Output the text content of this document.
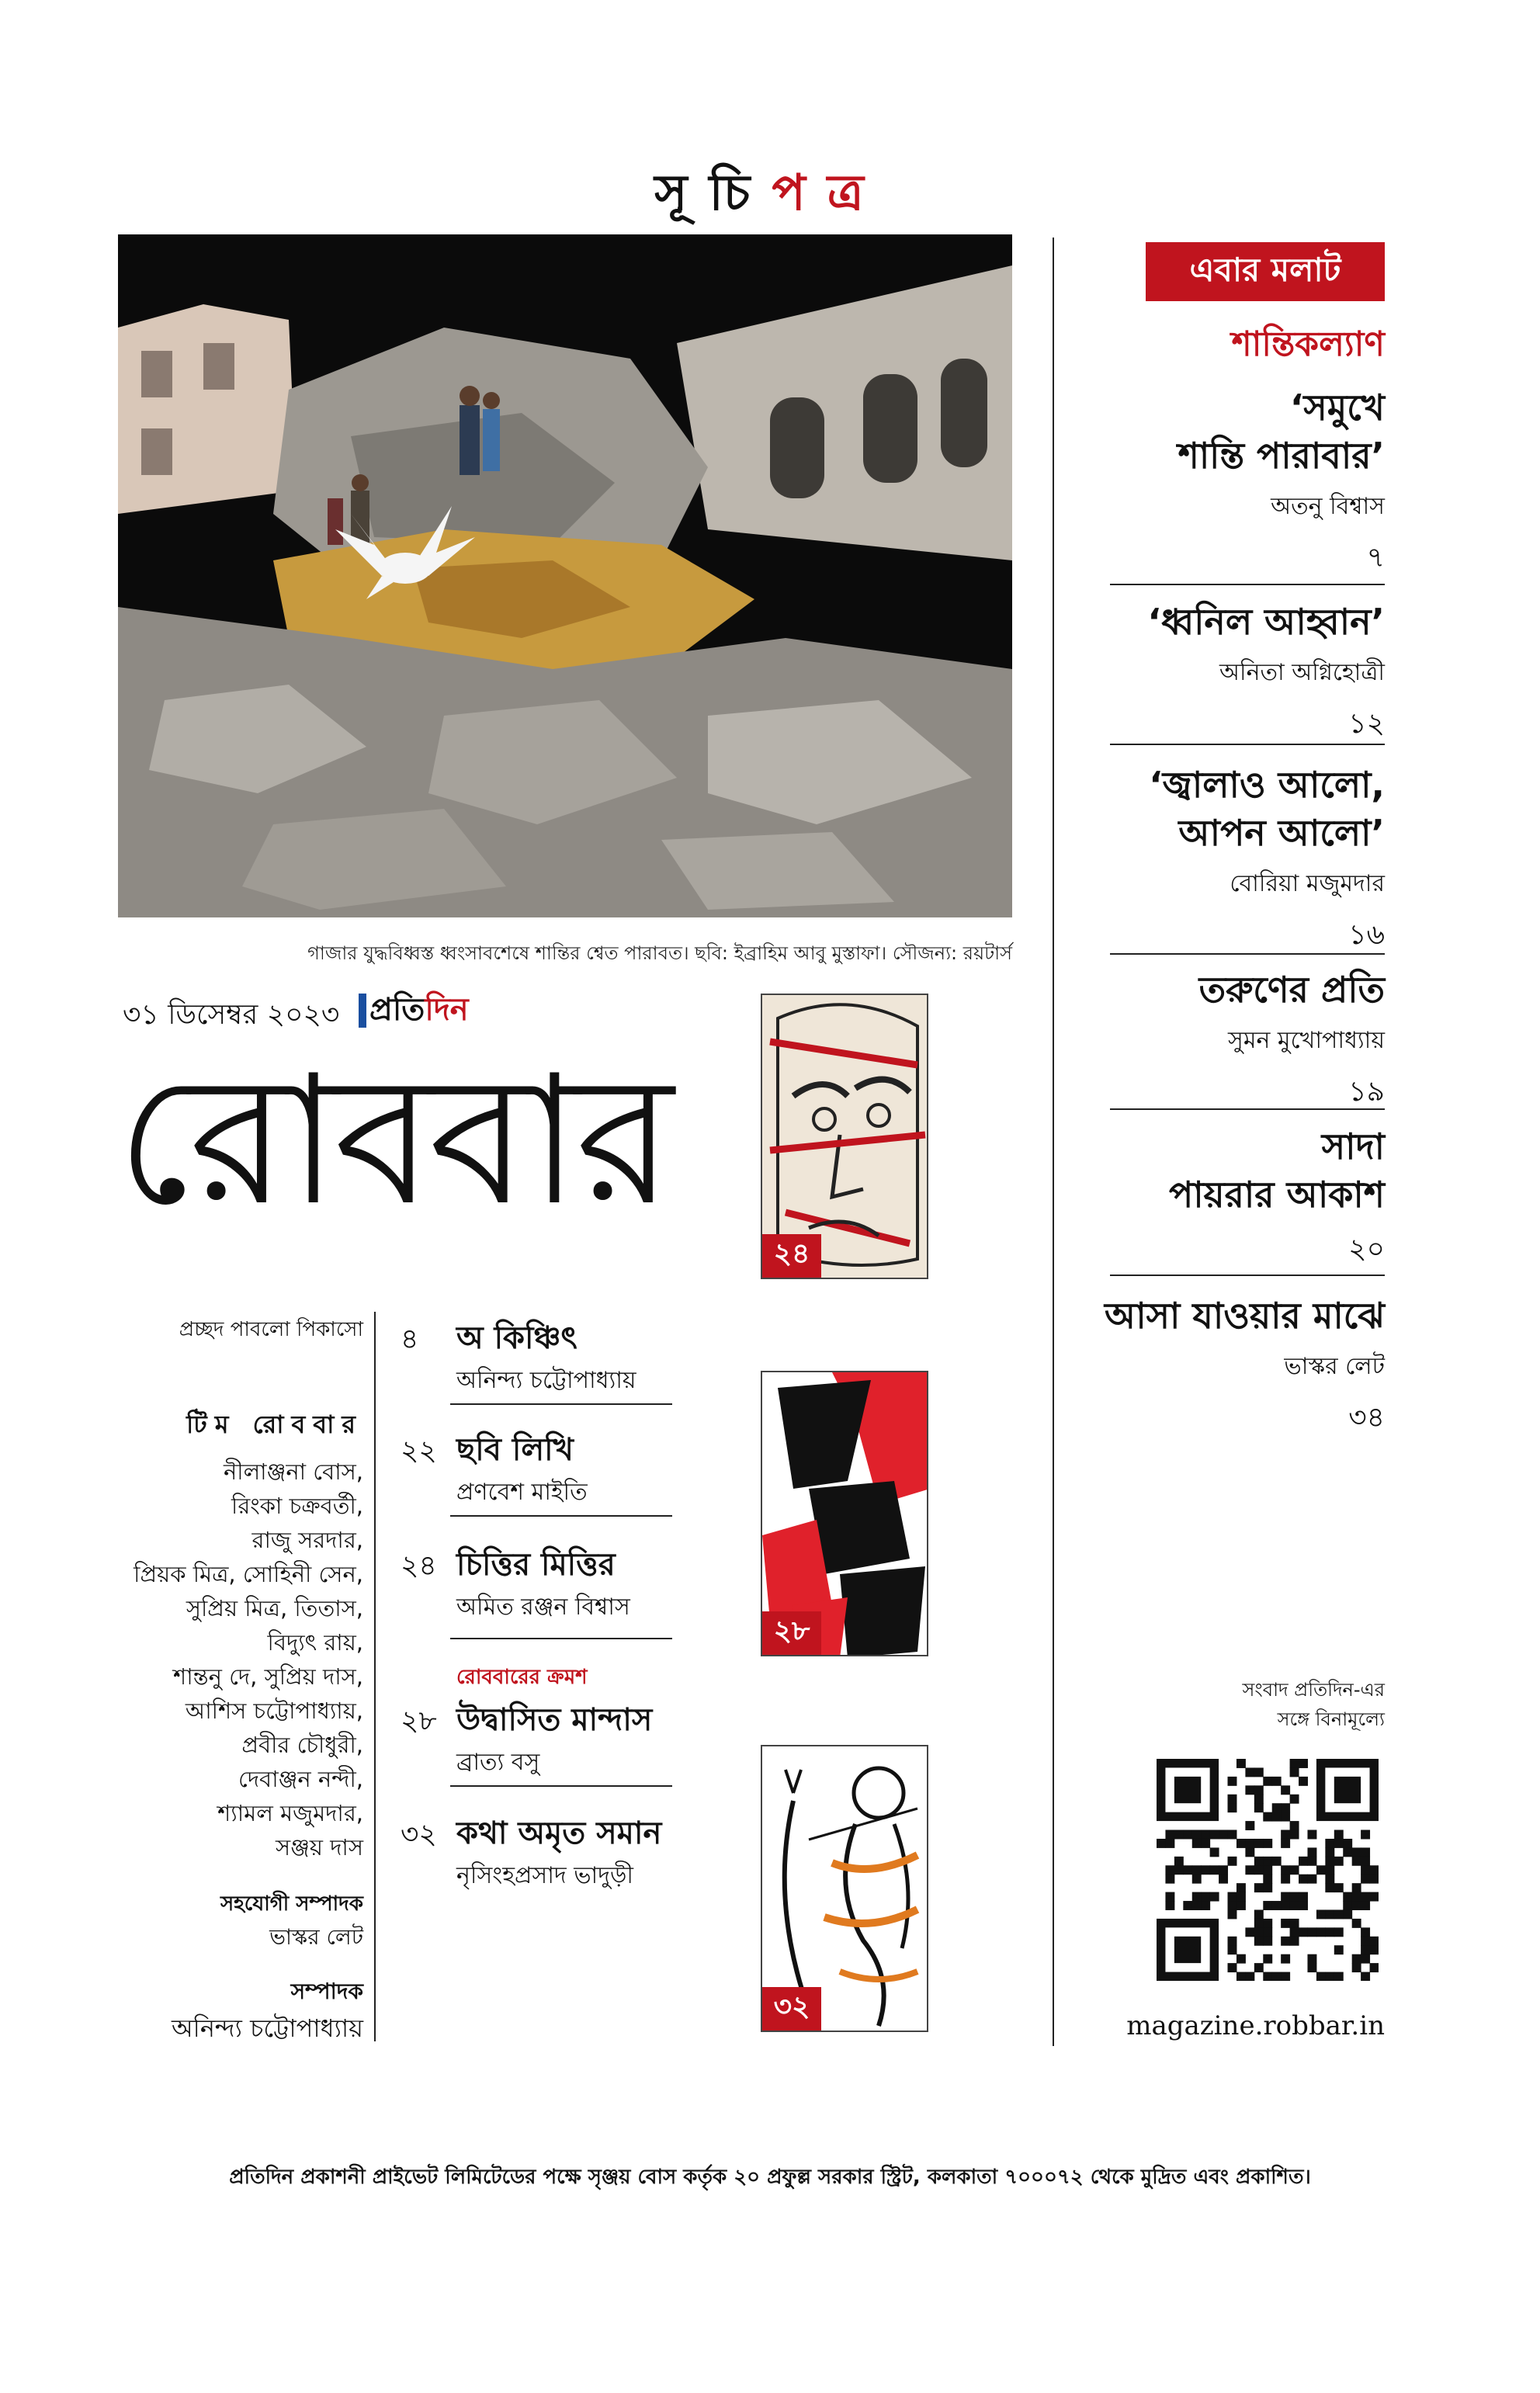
সূচিপত্র
গাজার যুদ্ধবিধ্বস্ত ধ্বংসাবশেষে শান্তির শ্বেত পারাবত। ছবি: ইব্রাহিম আবু মুস্তাফা। সৌজন্য: রয়টার্স
৩১ ডিসেম্বর ২০২৩ প্রতিদিন
রোববার
২৪
২৮
৩২
প্রচ্ছদ পাবলো পিকাসো
টিম রোববার
নীলাঞ্জনা বোস,
রিংকা চক্রবর্তী,
রাজু সরদার,
প্রিয়ক মিত্র, সোহিনী সেন,
সুপ্রিয় মিত্র, তিতাস,
বিদ্যুৎ রায়,
শান্তনু দে, সুপ্রিয় দাস,
আশিস চট্টোপাধ্যায়,
প্রবীর চৌধুরী,
দেবাঞ্জন নন্দী,
শ্যামল মজুমদার,
সঞ্জয় দাস
সহযোগী সম্পাদক
ভাস্কর লেট
সম্পাদক
অনিন্দ্য চট্টোপাধ্যায়
৪ অ কিঞ্চিৎ
অনিন্দ্য চট্টোপাধ্যায়
২২ ছবি লিখি
প্রণবেশ মাইতি
২৪ চিত্তির মিত্তির
অমিত রঞ্জন বিশ্বাস
রোববারের ক্রমশ
২৮ উদ্বাসিত মান্দাস
ব্রাত্য বসু
৩২ কথা অমৃত সমান
নৃসিংহপ্রসাদ ভাদুড়ী
এবার মলাট
শান্তিকল্যাণ
‘সমুখে
শান্তি পারাবার’
অতনু বিশ্বাস
৭
‘ধ্বনিল আহ্বান’
অনিতা অগ্নিহোত্রী
১২
‘জ্বালাও আলো,
আপন আলো’
বোরিয়া মজুমদার
১৬
তরুণের প্রতি
সুমন মুখোপাধ্যায়
১৯
সাদা
পায়রার আকাশ
২০
আসা যাওয়ার মাঝে
ভাস্কর লেট
৩৪
সংবাদ প্রতিদিন-এর
সঙ্গে বিনামূল্যে
magazine.robbar.in
প্রতিদিন প্রকাশনী প্রাইভেট লিমিটেডের পক্ষে সৃঞ্জয় বোস কর্তৃক ২০ প্রফুল্ল সরকার স্ট্রিট, কলকাতা ৭০০০৭২ থেকে মুদ্রিত এবং প্রকাশিত।
